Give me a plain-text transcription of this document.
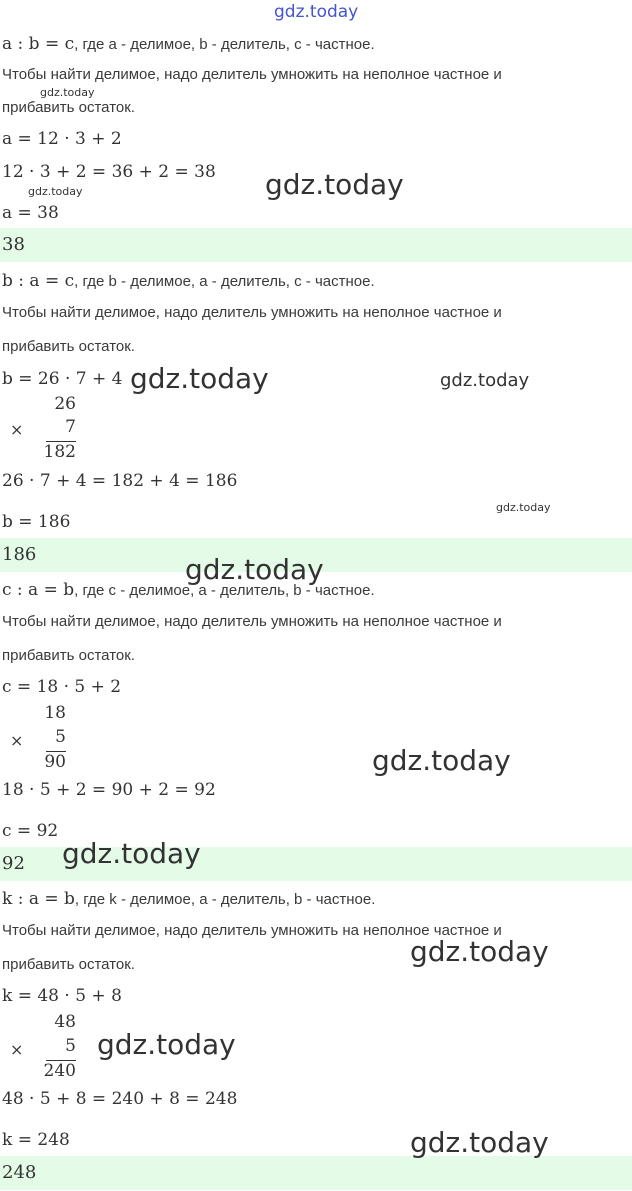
gdz.today
a : b = c, где a - делимое, b - делитель, c - частное.
Чтобы найти делимое, надо делитель умножить на неполное частное и
прибавить остаток.
a = 12 · 3 + 2
12 · 3 + 2 = 36 + 2 = 38
a = 38
38
gdz.today
gdz.today
gdz.today
b : a = c, где b - делимое, a - делитель, c - частное.
Чтобы найти делимое, надо делитель умножить на неполное частное и
прибавить остаток.
b = 26 · 7 + 4
26
×	7
182
26 · 7 + 4 = 182 + 4 = 186
b = 186
186
gdz.today	gdz.today
gdz.today
c : a = b, где c - делимое, a - делитель, b - частное.
Чтобы найти делимое, надо делитель умножить на неполное частное и
прибавить остаток.
c = 18 · 5 + 2
18
×	5
90
18 · 5 + 2 = 90 + 2 = 92
c = 92
92
gdz.today
gdz.today
gdz.today
k : a = b, где k - делимое, a - делитель, b - частное.
Чтобы найти делимое, надо делитель умножить на неполное частное и
прибавить остаток.
k = 48 · 5 + 8
48
×	5
240
48 · 5 + 8 = 240 + 8 = 248
k = 248
248
gdz.today
gdz.today
gdz.today
